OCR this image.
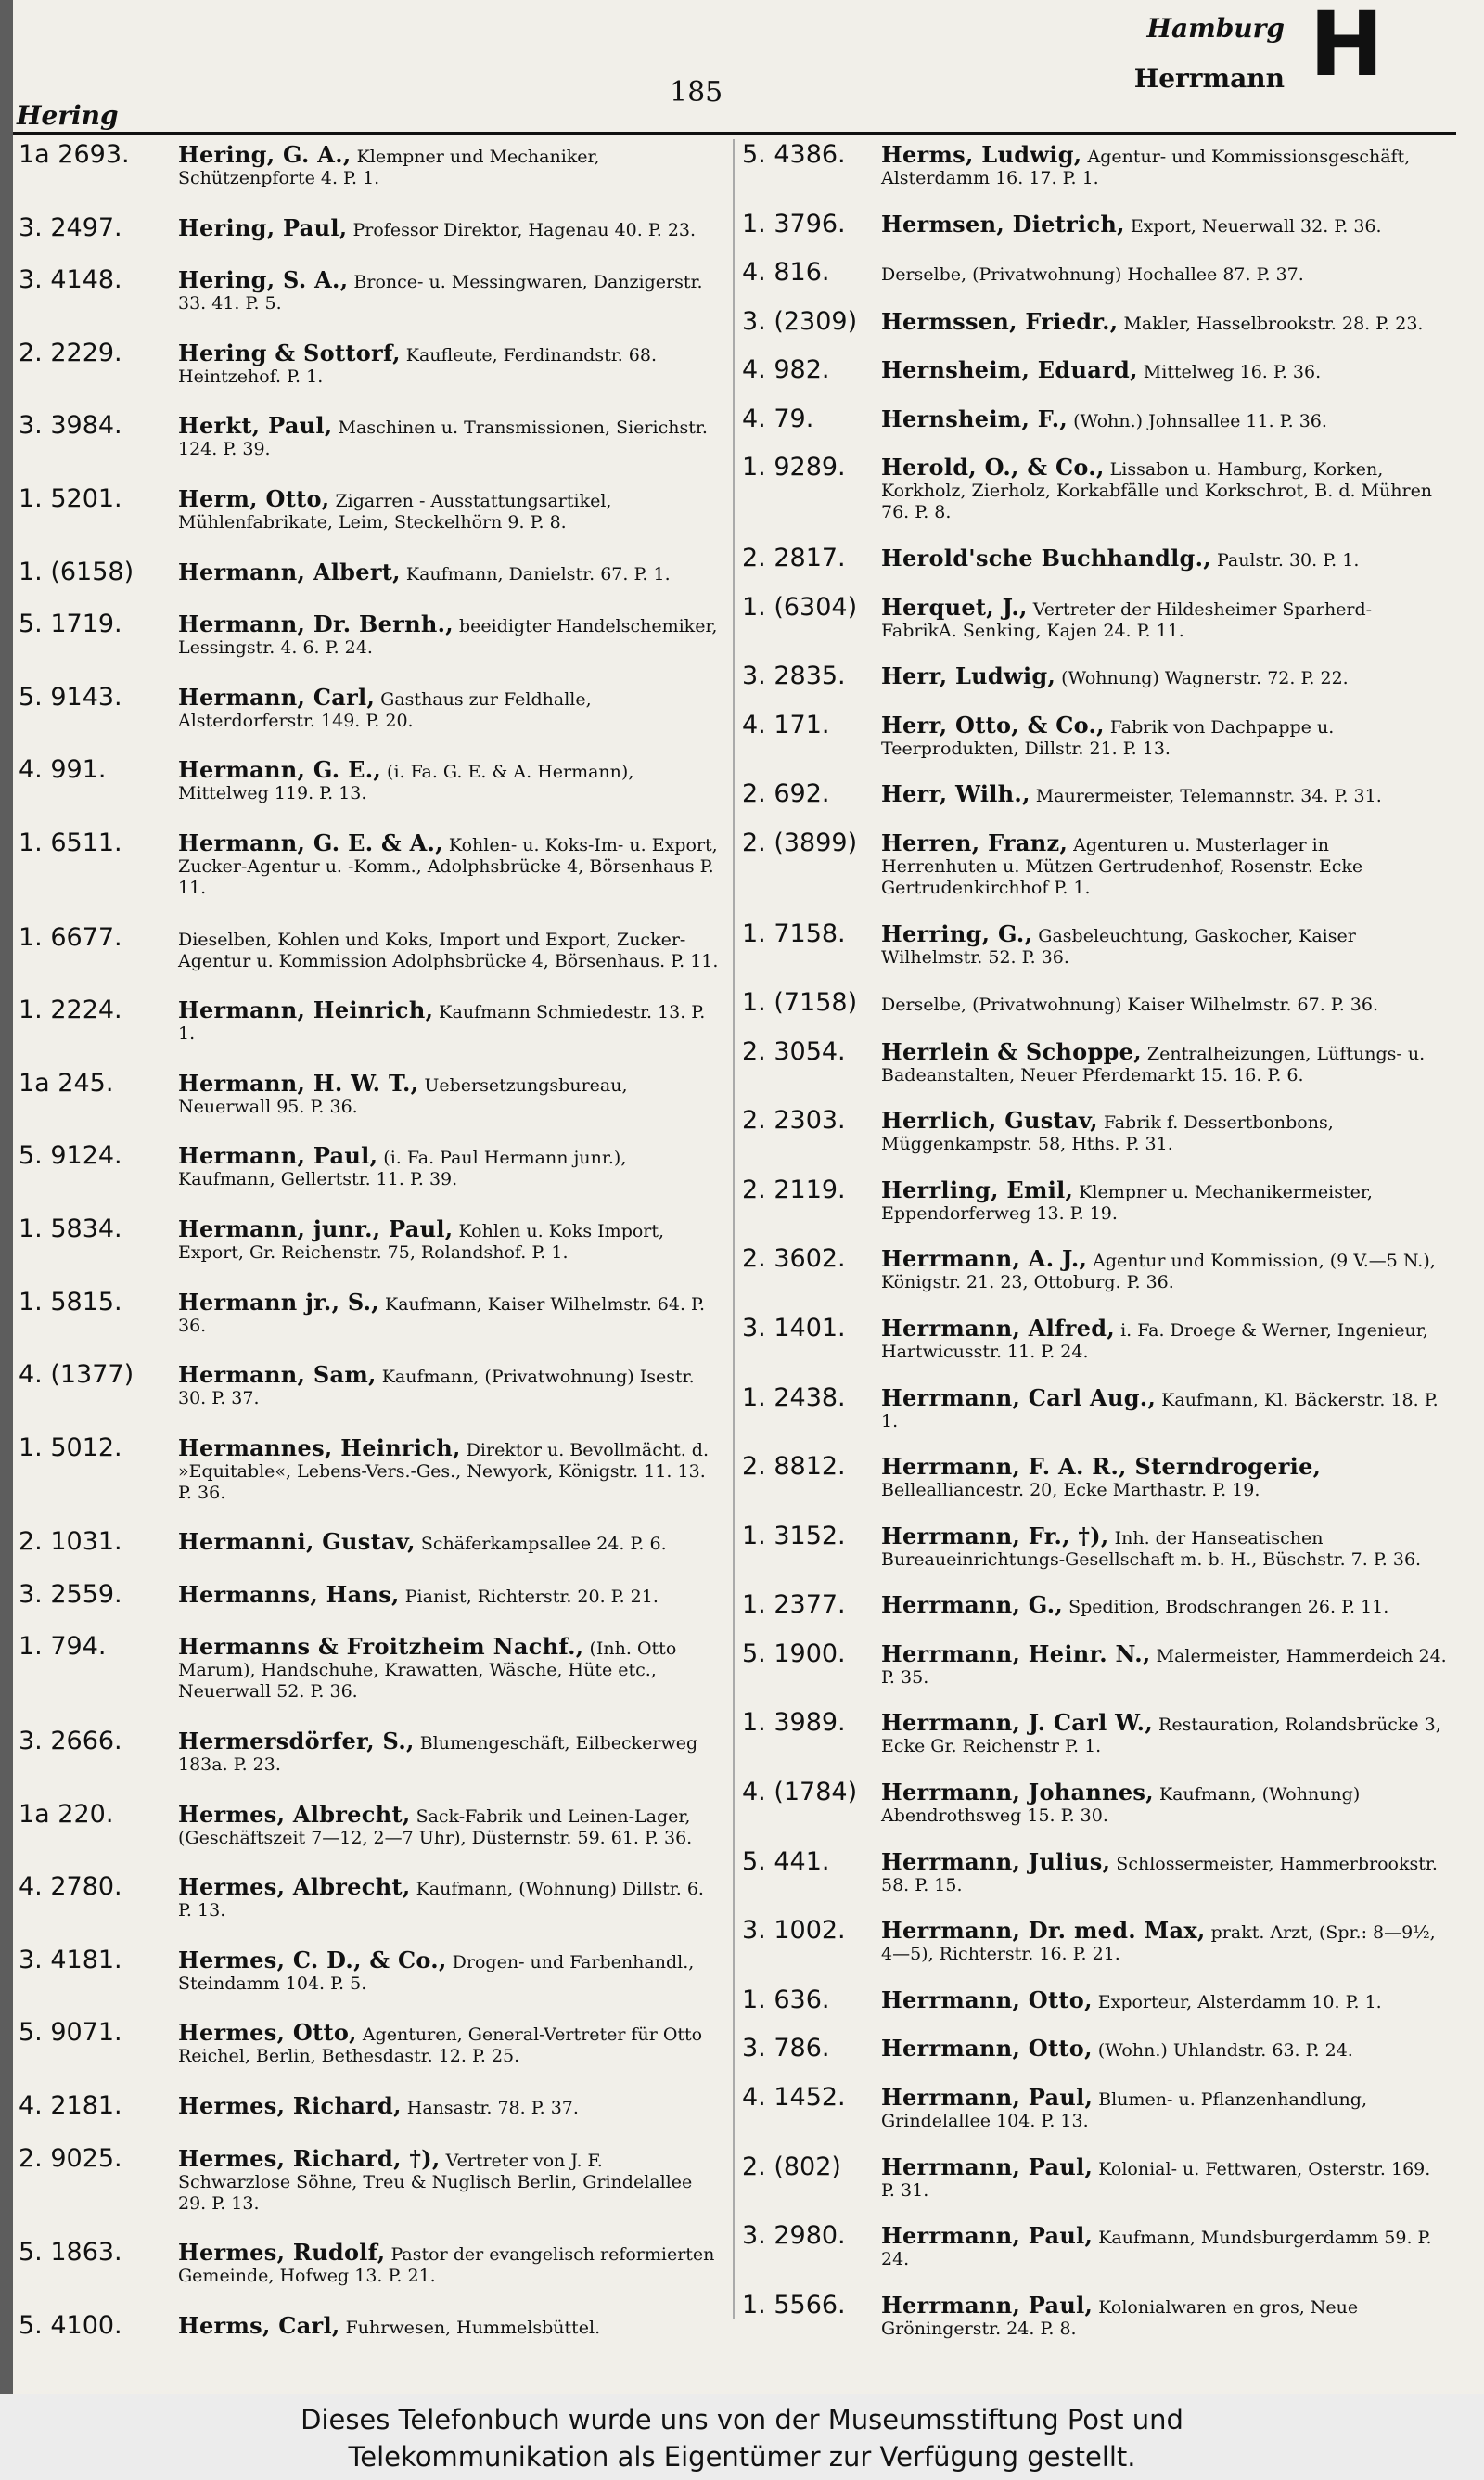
Hamburg
Herrmann H
185
Hering
1a 2693.	Hering, G. A., Klempner und Mechaniker, Schützenpforte 4. P. 1.
3. 2497.	Hering, Paul, Professor Direktor, Hagenau 40. P. 23.
3. 4148.	Hering, S. A., Bronce- u. Messingwaren, Danzigerstr. 33. 41. P. 5.
2. 2229.	Hering & Sottorf, Kaufleute, Ferdinandstr. 68. Heintzehof. P. 1.
3. 3984.	Herkt, Paul, Maschinen u. Transmissionen, Sierichstr. 124. P. 39.
1. 5201.	Herm, Otto, Zigarren - Ausstattungsartikel, Mühlenfabrikate, Leim, Steckelhörn 9. P. 8.
1. (6158)	Hermann, Albert, Kaufmann, Danielstr. 67. P. 1.
5. 1719.	Hermann, Dr. Bernh., beeidigter Handelschemiker, Lessingstr. 4. 6. P. 24.
5. 9143.	Hermann, Carl, Gasthaus zur Feldhalle, Alsterdorferstr. 149. P. 20.
4. 991.	Hermann, G. E., (i. Fa. G. E. & A. Hermann), Mittelweg 119. P. 13.
1. 6511.	Hermann, G. E. & A., Kohlen- u. Koks-Im- u. Export, Zucker-Agentur u. -Komm., Adolphsbrücke 4, Börsenhaus P. 11.
1. 6677.	Dieselben, Kohlen und Koks, Import und Export, Zucker-Agentur u. Kommission Adolphsbrücke 4, Börsenhaus. P. 11.
1. 2224.	Hermann, Heinrich, Kaufmann Schmiedestr. 13. P. 1.
1a 245.	Hermann, H. W. T., Uebersetzungsbureau, Neuerwall 95. P. 36.
5. 9124.	Hermann, Paul, (i. Fa. Paul Hermann junr.), Kaufmann, Gellertstr. 11. P. 39.
1. 5834.	Hermann, junr., Paul, Kohlen u. Koks Import, Export, Gr. Reichenstr. 75, Rolandshof. P. 1.
1. 5815.	Hermann jr., S., Kaufmann, Kaiser Wilhelmstr. 64. P. 36.
4. (1377)	Hermann, Sam, Kaufmann, (Privatwohnung) Isestr. 30. P. 37.
1. 5012.	Hermannes, Heinrich, Direktor u. Bevollmächt. d. »Equitable«, Lebens-Vers.-Ges., Newyork, Königstr. 11. 13. P. 36.
2. 1031.	Hermanni, Gustav, Schäferkampsallee 24. P. 6.
3. 2559.	Hermanns, Hans, Pianist, Richterstr. 20. P. 21.
1. 794.	Hermanns & Froitzheim Nachf., (Inh. Otto Marum), Handschuhe, Krawatten, Wäsche, Hüte etc., Neuerwall 52. P. 36.
3. 2666.	Hermersdörfer, S., Blumengeschäft, Eilbeckerweg 183a. P. 23.
1a 220.	Hermes, Albrecht, Sack-Fabrik und Leinen-Lager, (Geschäftszeit 7—12, 2—7 Uhr), Düsternstr. 59. 61. P. 36.
4. 2780.	Hermes, Albrecht, Kaufmann, (Wohnung) Dillstr. 6. P. 13.
3. 4181.	Hermes, C. D., & Co., Drogen- und Farbenhandl., Steindamm 104. P. 5.
5. 9071.	Hermes, Otto, Agenturen, General-Vertreter für Otto Reichel, Berlin, Bethesdastr. 12. P. 25.
4. 2181.	Hermes, Richard, Hansastr. 78. P. 37.
2. 9025.	Hermes, Richard, †), Vertreter von J. F. Schwarzlose Söhne, Treu & Nuglisch Berlin, Grindelallee 29. P. 13.
5. 1863.	Hermes, Rudolf, Pastor der evangelisch reformierten Gemeinde, Hofweg 13. P. 21.
5. 4100.	Herms, Carl, Fuhrwesen, Hummelsbüttel.
5. 4386.	Herms, Ludwig, Agentur- und Kommissionsgeschäft, Alsterdamm 16. 17. P. 1.
1. 3796.	Hermsen, Dietrich, Export, Neuerwall 32. P. 36.
4. 816.	Derselbe, (Privatwohnung) Hochallee 87. P. 37.
3. (2309)	Hermssen, Friedr., Makler, Hasselbrookstr. 28. P. 23.
4. 982.	Hernsheim, Eduard, Mittelweg 16. P. 36.
4. 79.	Hernsheim, F., (Wohn.) Johnsallee 11. P. 36.
1. 9289.	Herold, O., & Co., Lissabon u. Hamburg, Korken, Korkholz, Zierholz, Korkabfälle und Korkschrot, B. d. Mühren 76. P. 8.
2. 2817.	Herold'sche Buchhandlg., Paulstr. 30. P. 1.
1. (6304)	Herquet, J., Vertreter der Hildesheimer Sparherd-FabrikA. Senking, Kajen 24. P. 11.
3. 2835.	Herr, Ludwig, (Wohnung) Wagnerstr. 72. P. 22.
4. 171.	Herr, Otto, & Co., Fabrik von Dachpappe u. Teerprodukten, Dillstr. 21. P. 13.
2. 692.	Herr, Wilh., Maurermeister, Telemannstr. 34. P. 31.
2. (3899)	Herren, Franz, Agenturen u. Musterlager in Herrenhuten u. Mützen Gertrudenhof, Rosenstr. Ecke Gertrudenkirchhof P. 1.
1. 7158.	Herring, G., Gasbeleuchtung, Gaskocher, Kaiser Wilhelmstr. 52. P. 36.
1. (7158)	Derselbe, (Privatwohnung) Kaiser Wilhelmstr. 67. P. 36.
2. 3054.	Herrlein & Schoppe, Zentralheizungen, Lüftungs- u. Badeanstalten, Neuer Pferdemarkt 15. 16. P. 6.
2. 2303.	Herrlich, Gustav, Fabrik f. Dessertbonbons, Müggenkampstr. 58, Hths. P. 31.
2. 2119.	Herrling, Emil, Klempner u. Mechanikermeister, Eppendorferweg 13. P. 19.
2. 3602.	Herrmann, A. J., Agentur und Kommission, (9 V.—5 N.), Königstr. 21. 23, Ottoburg. P. 36.
3. 1401.	Herrmann, Alfred, i. Fa. Droege & Werner, Ingenieur, Hartwicusstr. 11. P. 24.
1. 2438.	Herrmann, Carl Aug., Kaufmann, Kl. Bäckerstr. 18. P. 1.
2. 8812.	Herrmann, F. A. R., Sterndrogerie, Bellealliancestr. 20, Ecke Marthastr. P. 19.
1. 3152.	Herrmann, Fr., †), Inh. der Hanseatischen Bureaueinrichtungs-Gesellschaft m. b. H., Büschstr. 7. P. 36.
1. 2377.	Herrmann, G., Spedition, Brodschrangen 26. P. 11.
5. 1900.	Herrmann, Heinr. N., Malermeister, Hammerdeich 24. P. 35.
1. 3989.	Herrmann, J. Carl W., Restauration, Rolandsbrücke 3, Ecke Gr. Reichenstr P. 1.
4. (1784)	Herrmann, Johannes, Kaufmann, (Wohnung) Abendrothsweg 15. P. 30.
5. 441.	Herrmann, Julius, Schlossermeister, Hammerbrookstr. 58. P. 15.
3. 1002.	Herrmann, Dr. med. Max, prakt. Arzt, (Spr.: 8—9½, 4—5), Richterstr. 16. P. 21.
1. 636.	Herrmann, Otto, Exporteur, Alsterdamm 10. P. 1.
3. 786.	Herrmann, Otto, (Wohn.) Uhlandstr. 63. P. 24.
4. 1452.	Herrmann, Paul, Blumen- u. Pflanzenhandlung, Grindelallee 104. P. 13.
2. (802)	Herrmann, Paul, Kolonial- u. Fettwaren, Osterstr. 169. P. 31.
3. 2980.	Herrmann, Paul, Kaufmann, Mundsburgerdamm 59. P. 24.
1. 5566.	Herrmann, Paul, Kolonialwaren en gros, Neue Gröningerstr. 24. P. 8.
Dieses Telefonbuch wurde uns von der Museumsstiftung Post und
Telekommunikation als Eigentümer zur Verfügung gestellt.
